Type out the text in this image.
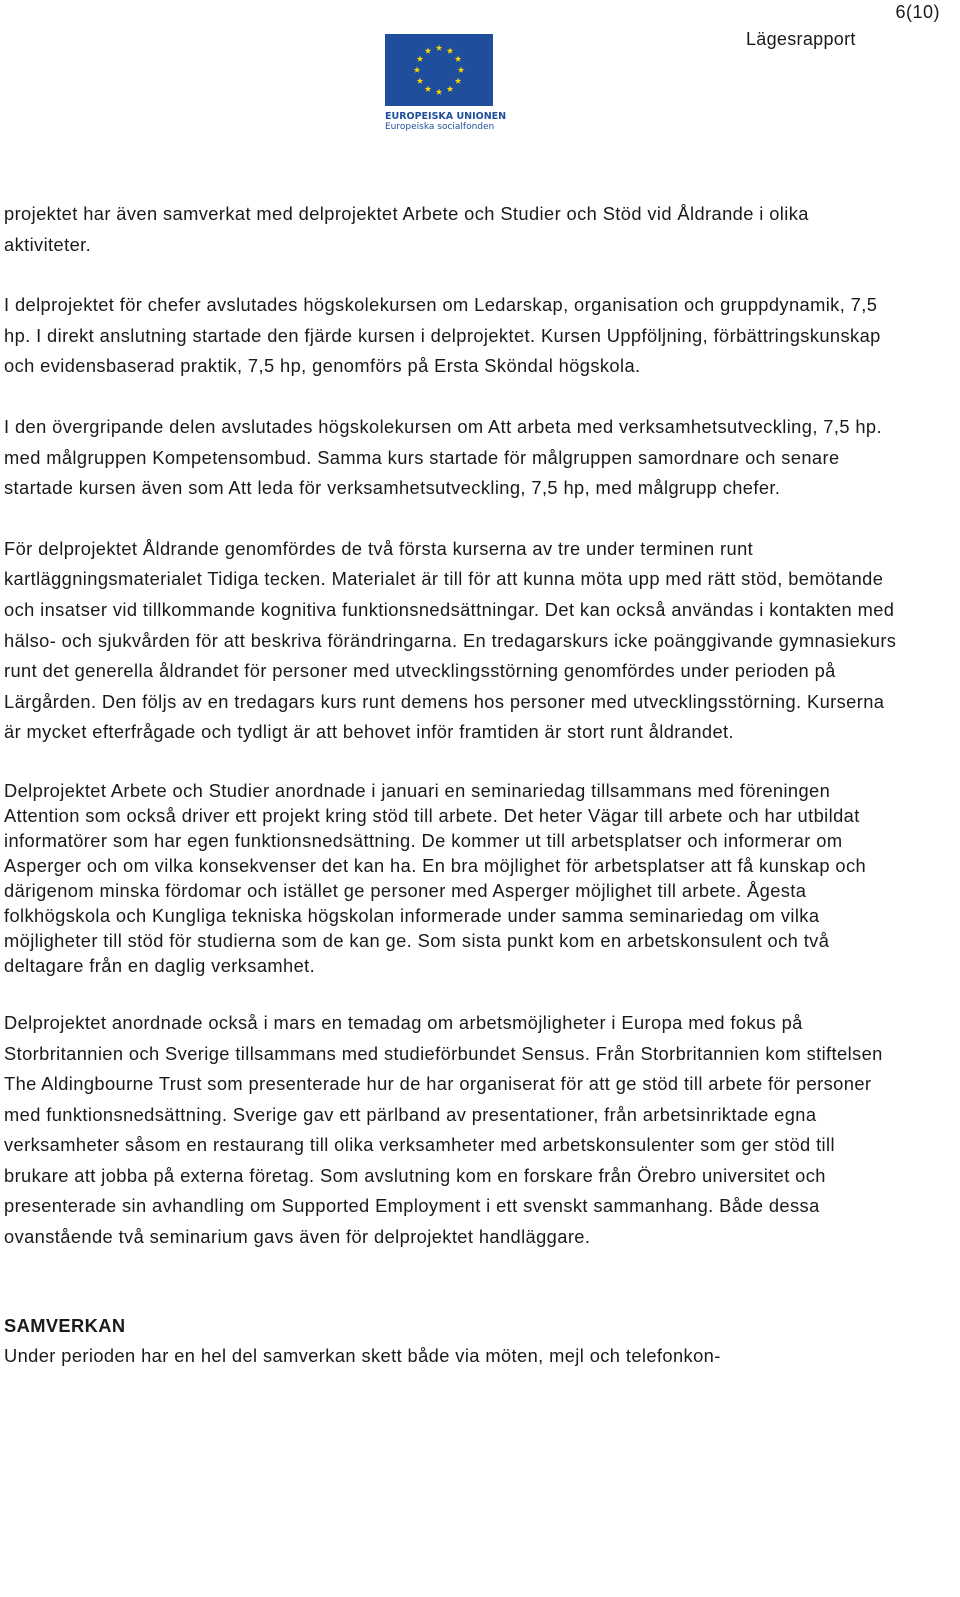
6(10)
Lägesrapport
EUROPEISKA UNIONEN
Europeiska socialfonden

projektet har även samverkat med delprojektet Arbete och Studier och Stöd vid Åldrande i olika aktiviteter.

I delprojektet för chefer avslutades högskolekursen om Ledarskap, organisation och gruppdynamik, 7,5 hp. I direkt anslutning startade den fjärde kursen i delprojektet. Kursen Uppföljning, förbättringskunskap och evidensbaserad praktik, 7,5 hp, genomförs på Ersta Sköndal högskola.

I den övergripande delen avslutades högskolekursen om Att arbeta med verksamhetsutveckling, 7,5 hp. med målgruppen Kompetensombud. Samma kurs startade för målgruppen samordnare och senare startade kursen även som Att leda för verksamhetsutveckling, 7,5 hp, med målgrupp chefer.

För delprojektet Åldrande genomfördes de två första kurserna av tre under terminen runt kartläggningsmaterialet Tidiga tecken. Materialet är till för att kunna möta upp med rätt stöd, bemötande och insatser vid tillkommande kognitiva funktionsnedsättningar. Det kan också användas i kontakten med hälso- och sjukvården för att beskriva förändringarna. En tredagarskurs icke poänggivande gymnasiekurs runt det generella åldrandet för personer med utvecklingsstörning genomfördes under perioden på Lärgården. Den följs av en tredagars kurs runt demens hos personer med utvecklingsstörning. Kurserna är mycket efterfrågade och tydligt är att behovet inför framtiden är stort runt åldrandet.

Delprojektet Arbete och Studier anordnade i januari en seminariedag tillsammans med föreningen Attention som också driver ett projekt kring stöd till arbete. Det heter Vägar till arbete och har utbildat informatörer som har egen funktionsnedsättning. De kommer ut till arbetsplatser och informerar om Asperger och om vilka konsekvenser det kan ha. En bra möjlighet för arbetsplatser att få kunskap och därigenom minska fördomar och istället ge personer med Asperger möjlighet till arbete. Ågesta folkhögskola och Kungliga tekniska högskolan informerade under samma seminariedag om vilka möjligheter till stöd för studierna som de kan ge. Som sista punkt kom en arbetskonsulent och två deltagare från en daglig verksamhet.

Delprojektet anordnade också i mars en temadag om arbetsmöjligheter i Europa med fokus på Storbritannien och Sverige tillsammans med studieförbundet Sensus. Från Storbritannien kom stiftelsen The Aldingbourne Trust som presenterade hur de har organiserat för att ge stöd till arbete för personer med funktionsnedsättning. Sverige gav ett pärlband av presentationer, från arbetsinriktade egna verksamheter såsom en restaurang till olika verksamheter med arbetskonsulenter som ger stöd till brukare att jobba på externa företag. Som avslutning kom en forskare från Örebro universitet och presenterade sin avhandling om Supported Employment i ett svenskt sammanhang. Både dessa ovanstående två seminarium gavs även för delprojektet handläggare.

SAMVERKAN

Under perioden har en hel del samverkan skett både via möten, mejl och telefonkon-
